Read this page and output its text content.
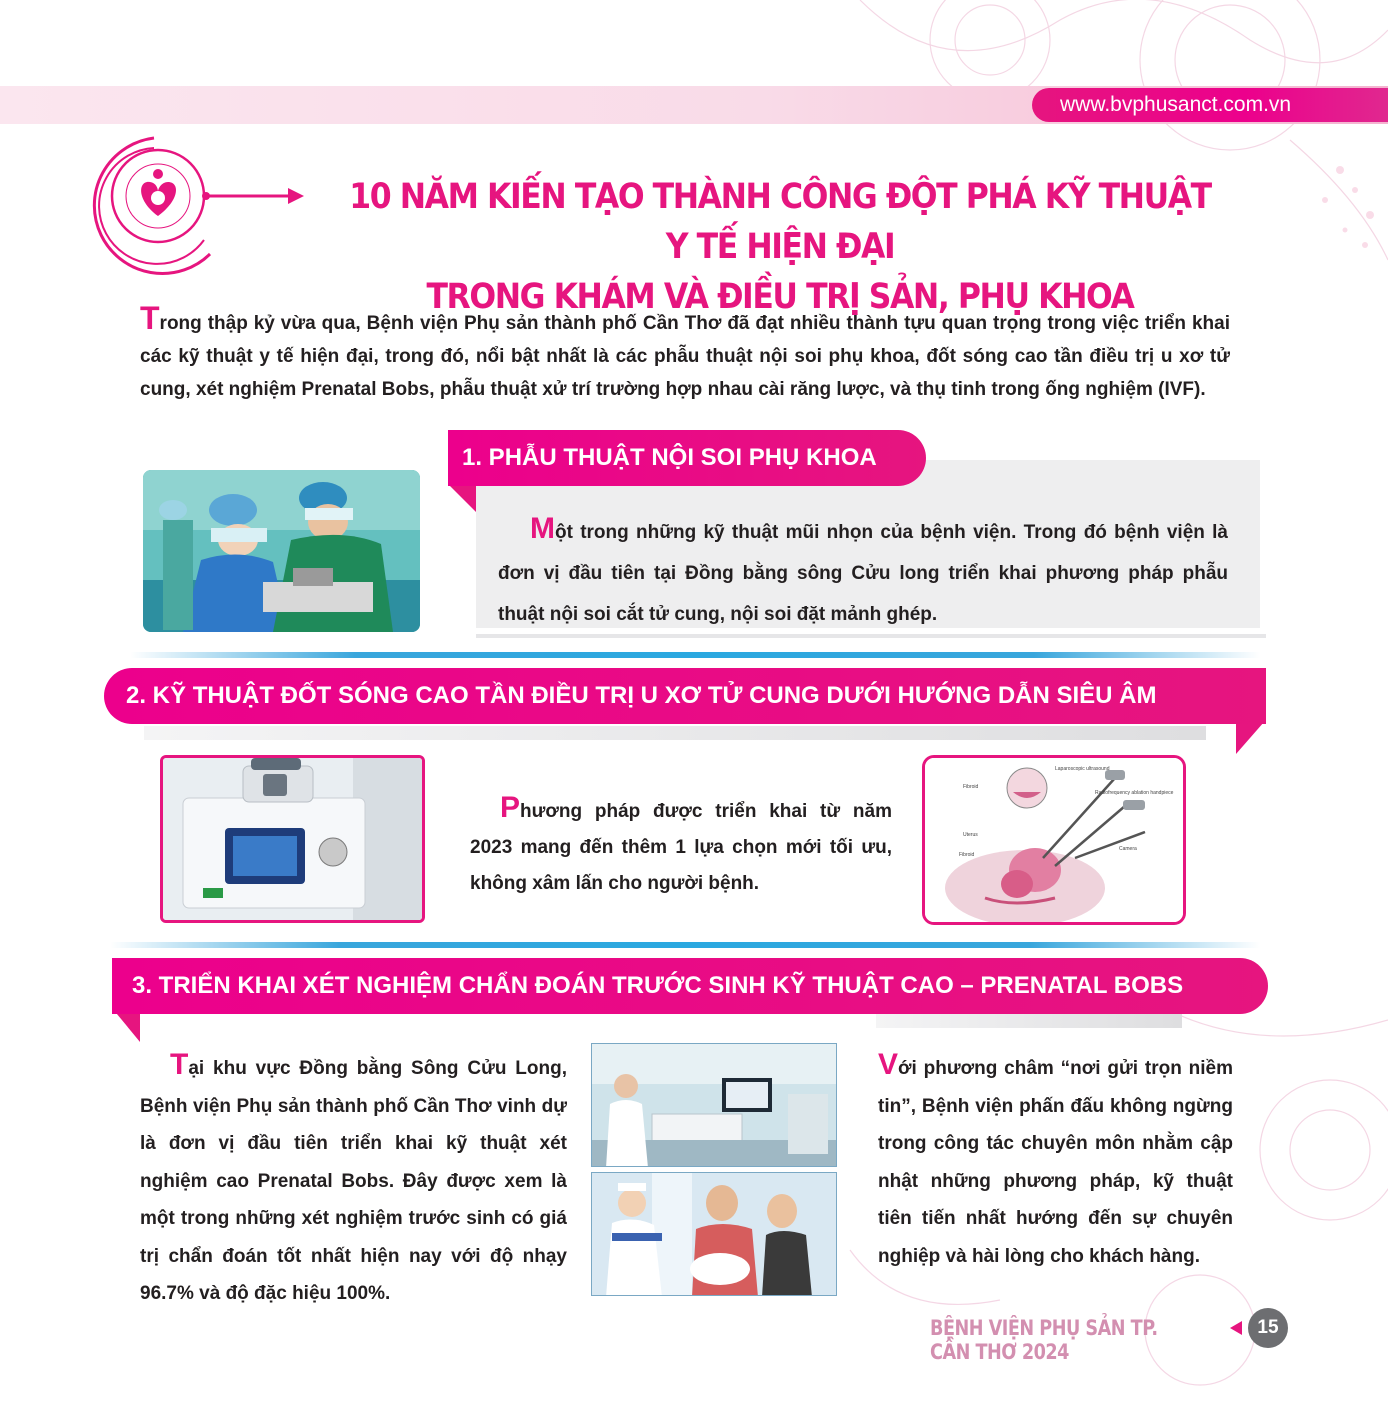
www.bvphusanct.com.vn
10 NĂM KIẾN TẠO THÀNH CÔNG ĐỘT PHÁ KỸ THUẬT Y TẾ HIỆN ĐẠI
TRONG KHÁM VÀ ĐIỀU TRỊ SẢN, PHỤ KHOA
Trong thập kỷ vừa qua, Bệnh viện Phụ sản thành phố Cần Thơ đã đạt nhiều thành tựu quan trọng trong việc triển khai các kỹ thuật y tế hiện đại, trong đó, nổi bật nhất là các phẫu thuật nội soi phụ khoa, đốt sóng cao tần điều trị u xơ tử cung, xét nghiệm Prenatal Bobs, phẫu thuật xử trí trường hợp nhau cài răng lược, và thụ tinh trong ống nghiệm (IVF).
1. PHẪU THUẬT NỘI SOI PHỤ KHOA
Một trong những kỹ thuật mũi nhọn của bệnh viện. Trong đó bệnh viện là đơn vị đầu tiên tại Đồng bằng sông Cửu long triển khai phương pháp phẫu thuật nội soi cắt tử cung, nội soi đặt mảnh ghép.
2. KỸ THUẬT ĐỐT SÓNG CAO TẦN ĐIỀU TRỊ U XƠ TỬ CUNG DƯỚI HƯỚNG DẪN SIÊU ÂM
Phương pháp được triển khai từ năm 2023 mang đến thêm 1 lựa chọn mới tối ưu, không xâm lấn cho người bệnh.
Fibroid
Laparoscopic ultrasound
Radiofrequency ablation handpiece
Uterus
Fibroid
Camera
3. TRIỂN KHAI XÉT NGHIỆM CHẨN ĐOÁN TRƯỚC SINH KỸ THUẬT CAO – PRENATAL BOBS
Tại khu vực Đồng bằng Sông Cửu Long, Bệnh viện Phụ sản thành phố Cần Thơ vinh dự là đơn vị đầu tiên triển khai kỹ thuật xét nghiệm cao Prenatal Bobs. Đây được xem là một trong những xét nghiệm trước sinh có giá trị chẩn đoán tốt nhất hiện nay với độ nhạy 96.7% và độ đặc hiệu 100%.
Với phương châm “nơi gửi trọn niềm tin”, Bệnh viện phấn đấu không ngừng trong công tác chuyên môn nhằm cập nhật những phương pháp, kỹ thuật tiên tiến nhất hướng đến sự chuyên nghiệp và hài lòng cho khách hàng.
BỆNH VIỆN PHỤ SẢN TP. CẦN THƠ 2024
15
